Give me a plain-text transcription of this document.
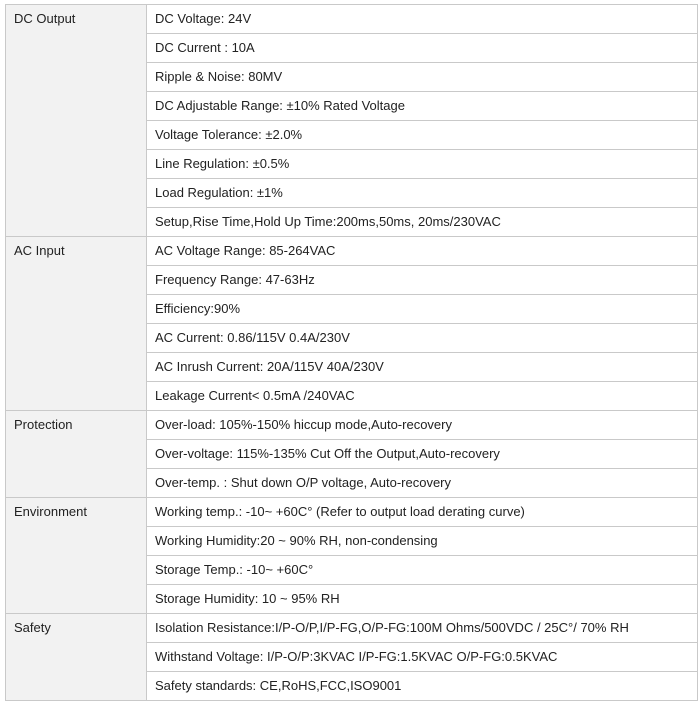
DC Output	DC Voltage: 24V
	DC Current : 10A
	Ripple & Noise: 80MV
	DC Adjustable Range: ±10% Rated Voltage
	Voltage Tolerance: ±2.0%
	Line Regulation: ±0.5%
	Load Regulation: ±1%
	Setup,Rise Time,Hold Up Time:200ms,50ms, 20ms/230VAC
AC Input	AC Voltage Range: 85-264VAC
	Frequency Range: 47-63Hz
	Efficiency:90%
	AC Current: 0.86/115V 0.4A/230V
	AC Inrush Current: 20A/115V 40A/230V
	Leakage Current< 0.5mA /240VAC
Protection	Over-load: 105%-150% hiccup mode,Auto-recovery
	Over-voltage: 115%-135% Cut Off the Output,Auto-recovery
	Over-temp. : Shut down O/P voltage, Auto-recovery
Environment	Working temp.: -10~ +60C° (Refer to output load derating curve)
	Working Humidity:20 ~ 90% RH, non-condensing
	Storage Temp.: -10~ +60C°
	Storage Humidity: 10 ~ 95% RH
Safety	Isolation Resistance:I/P-O/P,I/P-FG,O/P-FG:100M Ohms/500VDC / 25C°/ 70% RH
	Withstand Voltage: I/P-O/P:3KVAC I/P-FG:1.5KVAC O/P-FG:0.5KVAC
	Safety standards: CE,RoHS,FCC,ISO9001
